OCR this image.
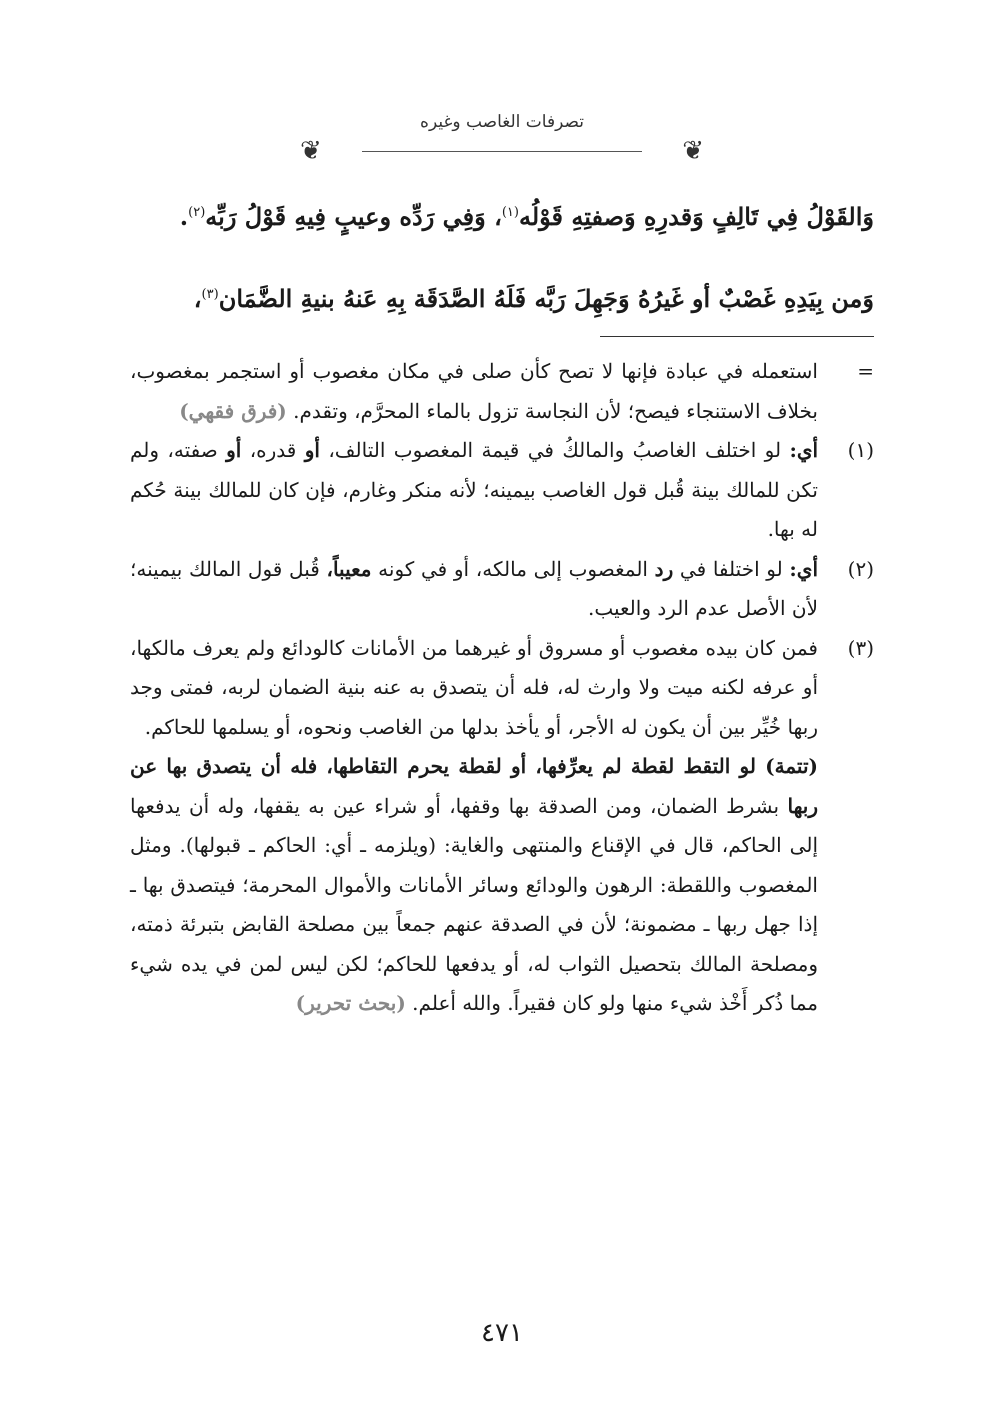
تصرفات الغاصب وغيره
❦
❦
وَالقَوْلُ فِي تَالِفٍ وَقدرِهِ وَصفتِهِ قَوْلُه$^{(١)}$، وَفِي رَدِّه وعيبٍ فِيهِ قَوْلُ رَبِّه$^{(٢)}$.
وَمن بِيَدِهِ غَصْبٌ أو غَيرُهُ وَجَهِلَ رَبَّه فَلَهُ الصَّدَقَة بِهِ عَنهُ بنيةِ الضَّمَان$^{(٣)}$،
=
استعمله في عبادة فإنها لا تصح كأن صلى في مكان مغصوب أو استجمر بمغصوب، بخلاف الاستنجاء فيصح؛ لأن النجاسة تزول بالماء المحرَّم، وتقدم. (فرق فقهي)
(١)
أي: لو اختلف الغاصبُ والمالكُ في قيمة المغصوب التالف، أو قدره، أو صفته، ولم تكن للمالك بينة قُبل قول الغاصب بيمينه؛ لأنه منكر وغارم، فإن كان للمالك بينة حُكم له بها.
(٢)
أي: لو اختلفا في رد المغصوب إلى مالكه، أو في كونه معيباً، قُبل قول المالك بيمينه؛ لأن الأصل عدم الرد والعيب.
(٣)
فمن كان بيده مغصوب أو مسروق أو غيرهما من الأمانات كالودائع ولم يعرف مالكها، أو عرفه لكنه ميت ولا وارث له، فله أن يتصدق به عنه بنية الضمان لربه، فمتى وجد ربها خُيِّر بين أن يكون له الأجر، أو يأخذ بدلها من الغاصب ونحوه، أو يسلمها للحاكم.
(تتمة) لو التقط لقطة لم يعرِّفها، أو لقطة يحرم التقاطها، فله أن يتصدق بها عن ربها بشرط الضمان، ومن الصدقة بها وقفها، أو شراء عين به يقفها، وله أن يدفعها إلى الحاكم، قال في الإقناع والمنتهى والغاية: (ويلزمه ـ أي: الحاكم ـ قبولها). ومثل المغصوب واللقطة: الرهون والودائع وسائر الأمانات والأموال المحرمة؛ فيتصدق بها ـ إذا جهل ربها ـ مضمونة؛ لأن في الصدقة عنهم جمعاً بين مصلحة القابض بتبرئة ذمته، ومصلحة المالك بتحصيل الثواب له، أو يدفعها للحاكم؛ لكن ليس لمن في يده شيء مما ذُكر أَخْذ شيء منها ولو كان فقيراً. والله أعلم. (بحث تحرير)
٤٧١
